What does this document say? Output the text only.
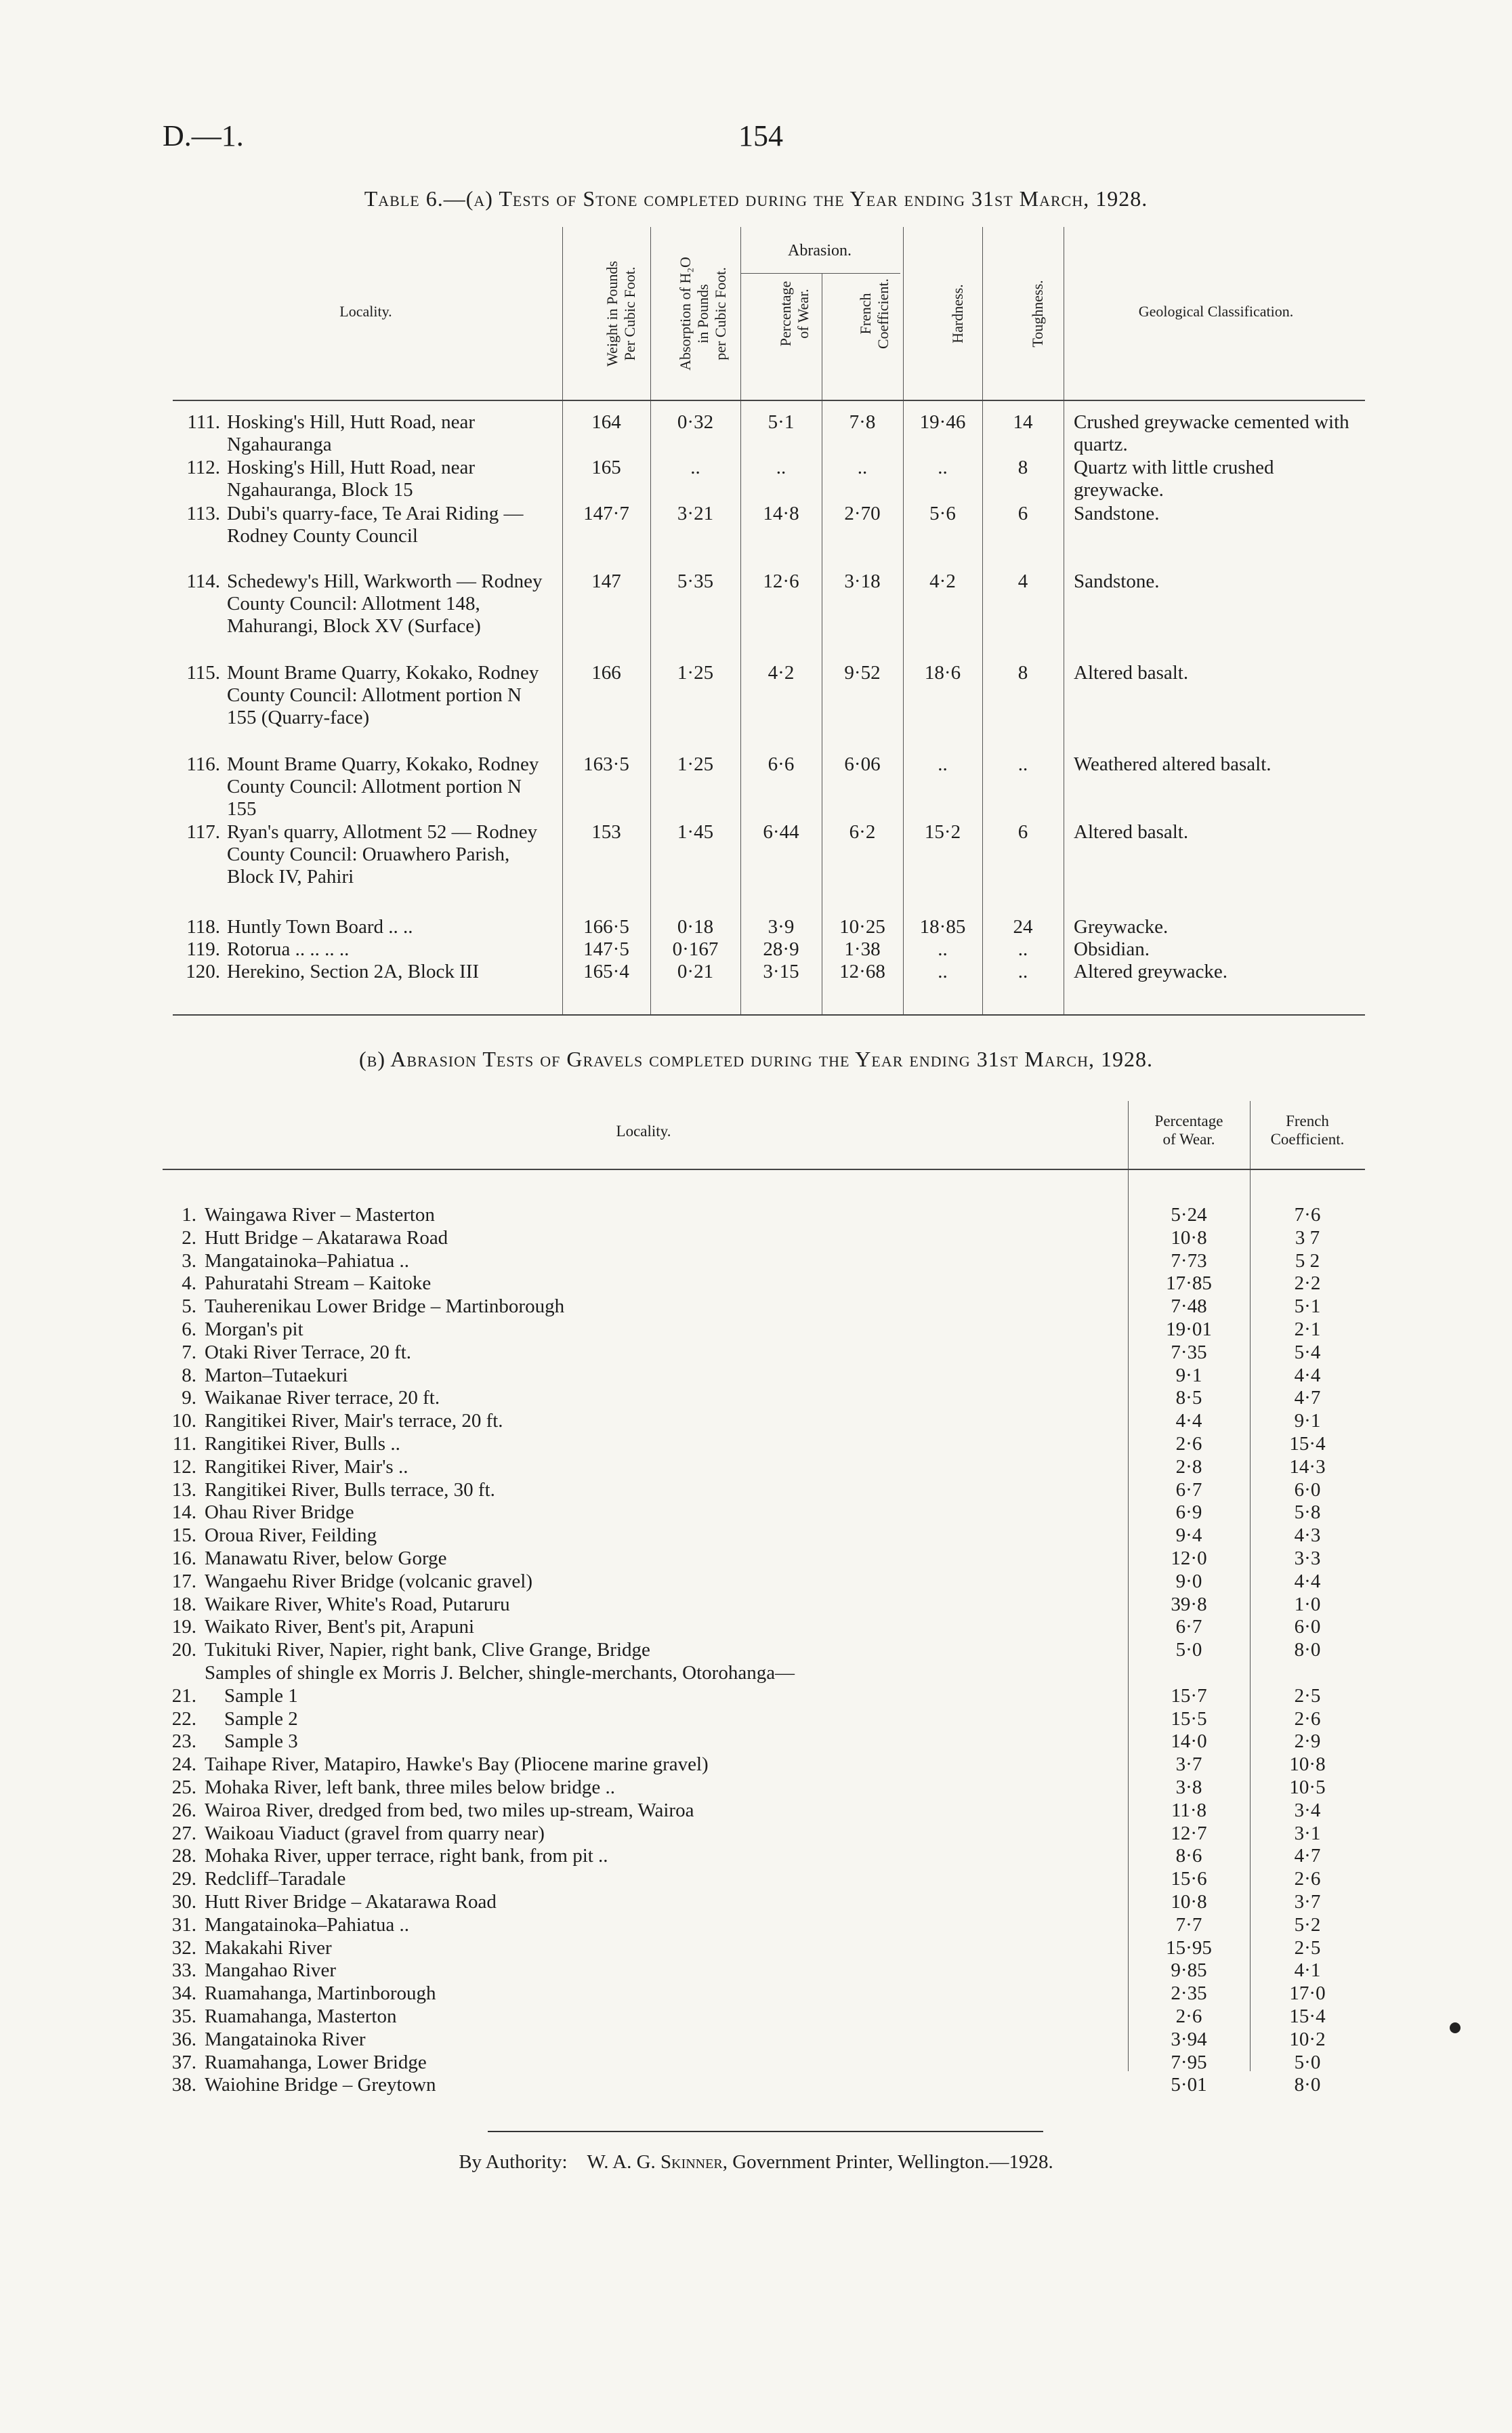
D.—1.	154
Table 6.—(a) Tests of Stone completed during the Year ending 31st March, 1928.
Locality.
Weight in Pounds
Per Cubic Foot.
Absorption of H₂O
in Pounds
per Cubic Foot.
Abrasion.
Percentage
of Wear.	French
Coefficient.	Hardness.	Toughness.	Geological Classification.
111. Hosking's Hill, Hutt Road, near Ngahauranga
164	0·32	5·1	7·8	19·46	14	Crushed greywacke cemented with quartz.
112. Hosking's Hill, Hutt Road, near Ngahauranga, Block 15
165	..	..	..	..	8	Quartz with little crushed greywacke.
113. Dubi's quarry-face, Te Arai Riding — Rodney County Council
147·7	3·21	14·8	2·70	5·6	6	Sandstone.
114. Schedewy's Hill, Warkworth — Rodney County Council: Allotment 148, Mahurangi, Block XV (Surface)
147	5·35	12·6	3·18	4·2	4	Sandstone.
115. Mount Brame Quarry, Kokako, Rodney County Council: Allotment portion N 155 (Quarry-face)
166	1·25	4·2	9·52	18·6	8	Altered basalt.
116. Mount Brame Quarry, Kokako, Rodney County Council: Allotment portion N 155
163·5	1·25	6·6	6·06	..	..	Weathered altered basalt.
117. Ryan's quarry, Allotment 52 — Rodney County Council: Oruawhero Parish, Block IV, Pahiri
153	1·45	6·44	6·2	15·2	6	Altered basalt.
118. Huntly Town Board .. ..	166·5	0·18	3·9	10·25	18·85	24	Greywacke.
119. Rotorua .. .. .. ..	147·5	0·167	28·9	1·38	..	..	Obsidian.
120. Herekino, Section 2A, Block III	165·4	0·21	3·15	12·68	..	..	Altered greywacke.
(b) Abrasion Tests of Gravels completed during the Year ending 31st March, 1928.
Locality.
Percentage
of Wear.
French
Coefficient.
1. Waingawa River – Masterton	5·24	7·6
2. Hutt Bridge – Akatarawa Road	10·8	3 7
3. Mangatainoka–Pahiatua ..	7·73	5 2
4. Pahuratahi Stream – Kaitoke	17·85	2·2
5. Tauherenikau Lower Bridge – Martinborough	7·48	5·1
6. Morgan's pit	19·01	2·1
7. Otaki River Terrace, 20 ft.	7·35	5·4
8. Marton–Tutaekuri	9·1	4·4
9. Waikanae River terrace, 20 ft.	8·5	4·7
10. Rangitikei River, Mair's terrace, 20 ft.	4·4	9·1
11. Rangitikei River, Bulls ..	2·6	15·4
12. Rangitikei River, Mair's ..	2·8	14·3
13. Rangitikei River, Bulls terrace, 30 ft.	6·7	6·0
14. Ohau River Bridge	6·9	5·8
15. Oroua River, Feilding	9·4	4·3
16. Manawatu River, below Gorge	12·0	3·3
17. Wangaehu River Bridge (volcanic gravel)	9·0	4·4
18. Waikare River, White's Road, Putaruru	39·8	1·0
19. Waikato River, Bent's pit, Arapuni	6·7	6·0
20. Tukituki River, Napier, right bank, Clive Grange, Bridge	5·0	8·0
Samples of shingle ex Morris J. Belcher, shingle-merchants, Otorohanga—
21. Sample 1	15·7	2·5
22. Sample 2	15·5	2·6
23. Sample 3	14·0	2·9
24. Taihape River, Matapiro, Hawke's Bay (Pliocene marine gravel)	3·7	10·8
25. Mohaka River, left bank, three miles below bridge ..	3·8	10·5
26. Wairoa River, dredged from bed, two miles up-stream, Wairoa	11·8	3·4
27. Waikoau Viaduct (gravel from quarry near)	12·7	3·1
28. Mohaka River, upper terrace, right bank, from pit ..	8·6	4·7
29. Redcliff–Taradale	15·6	2·6
30. Hutt River Bridge – Akatarawa Road	10·8	3·7
31. Mangatainoka–Pahiatua ..	7·7	5·2
32. Makakahi River	15·95	2·5
33. Mangahao River	9·85	4·1
34. Ruamahanga, Martinborough	2·35	17·0
35. Ruamahanga, Masterton	2·6	15·4
36. Mangatainoka River	3·94	10·2
37. Ruamahanga, Lower Bridge	7·95	5·0
38. Waiohine Bridge – Greytown	5·01	8·0
By Authority: W. A. G. Skinner, Government Printer, Wellington.—1928.
